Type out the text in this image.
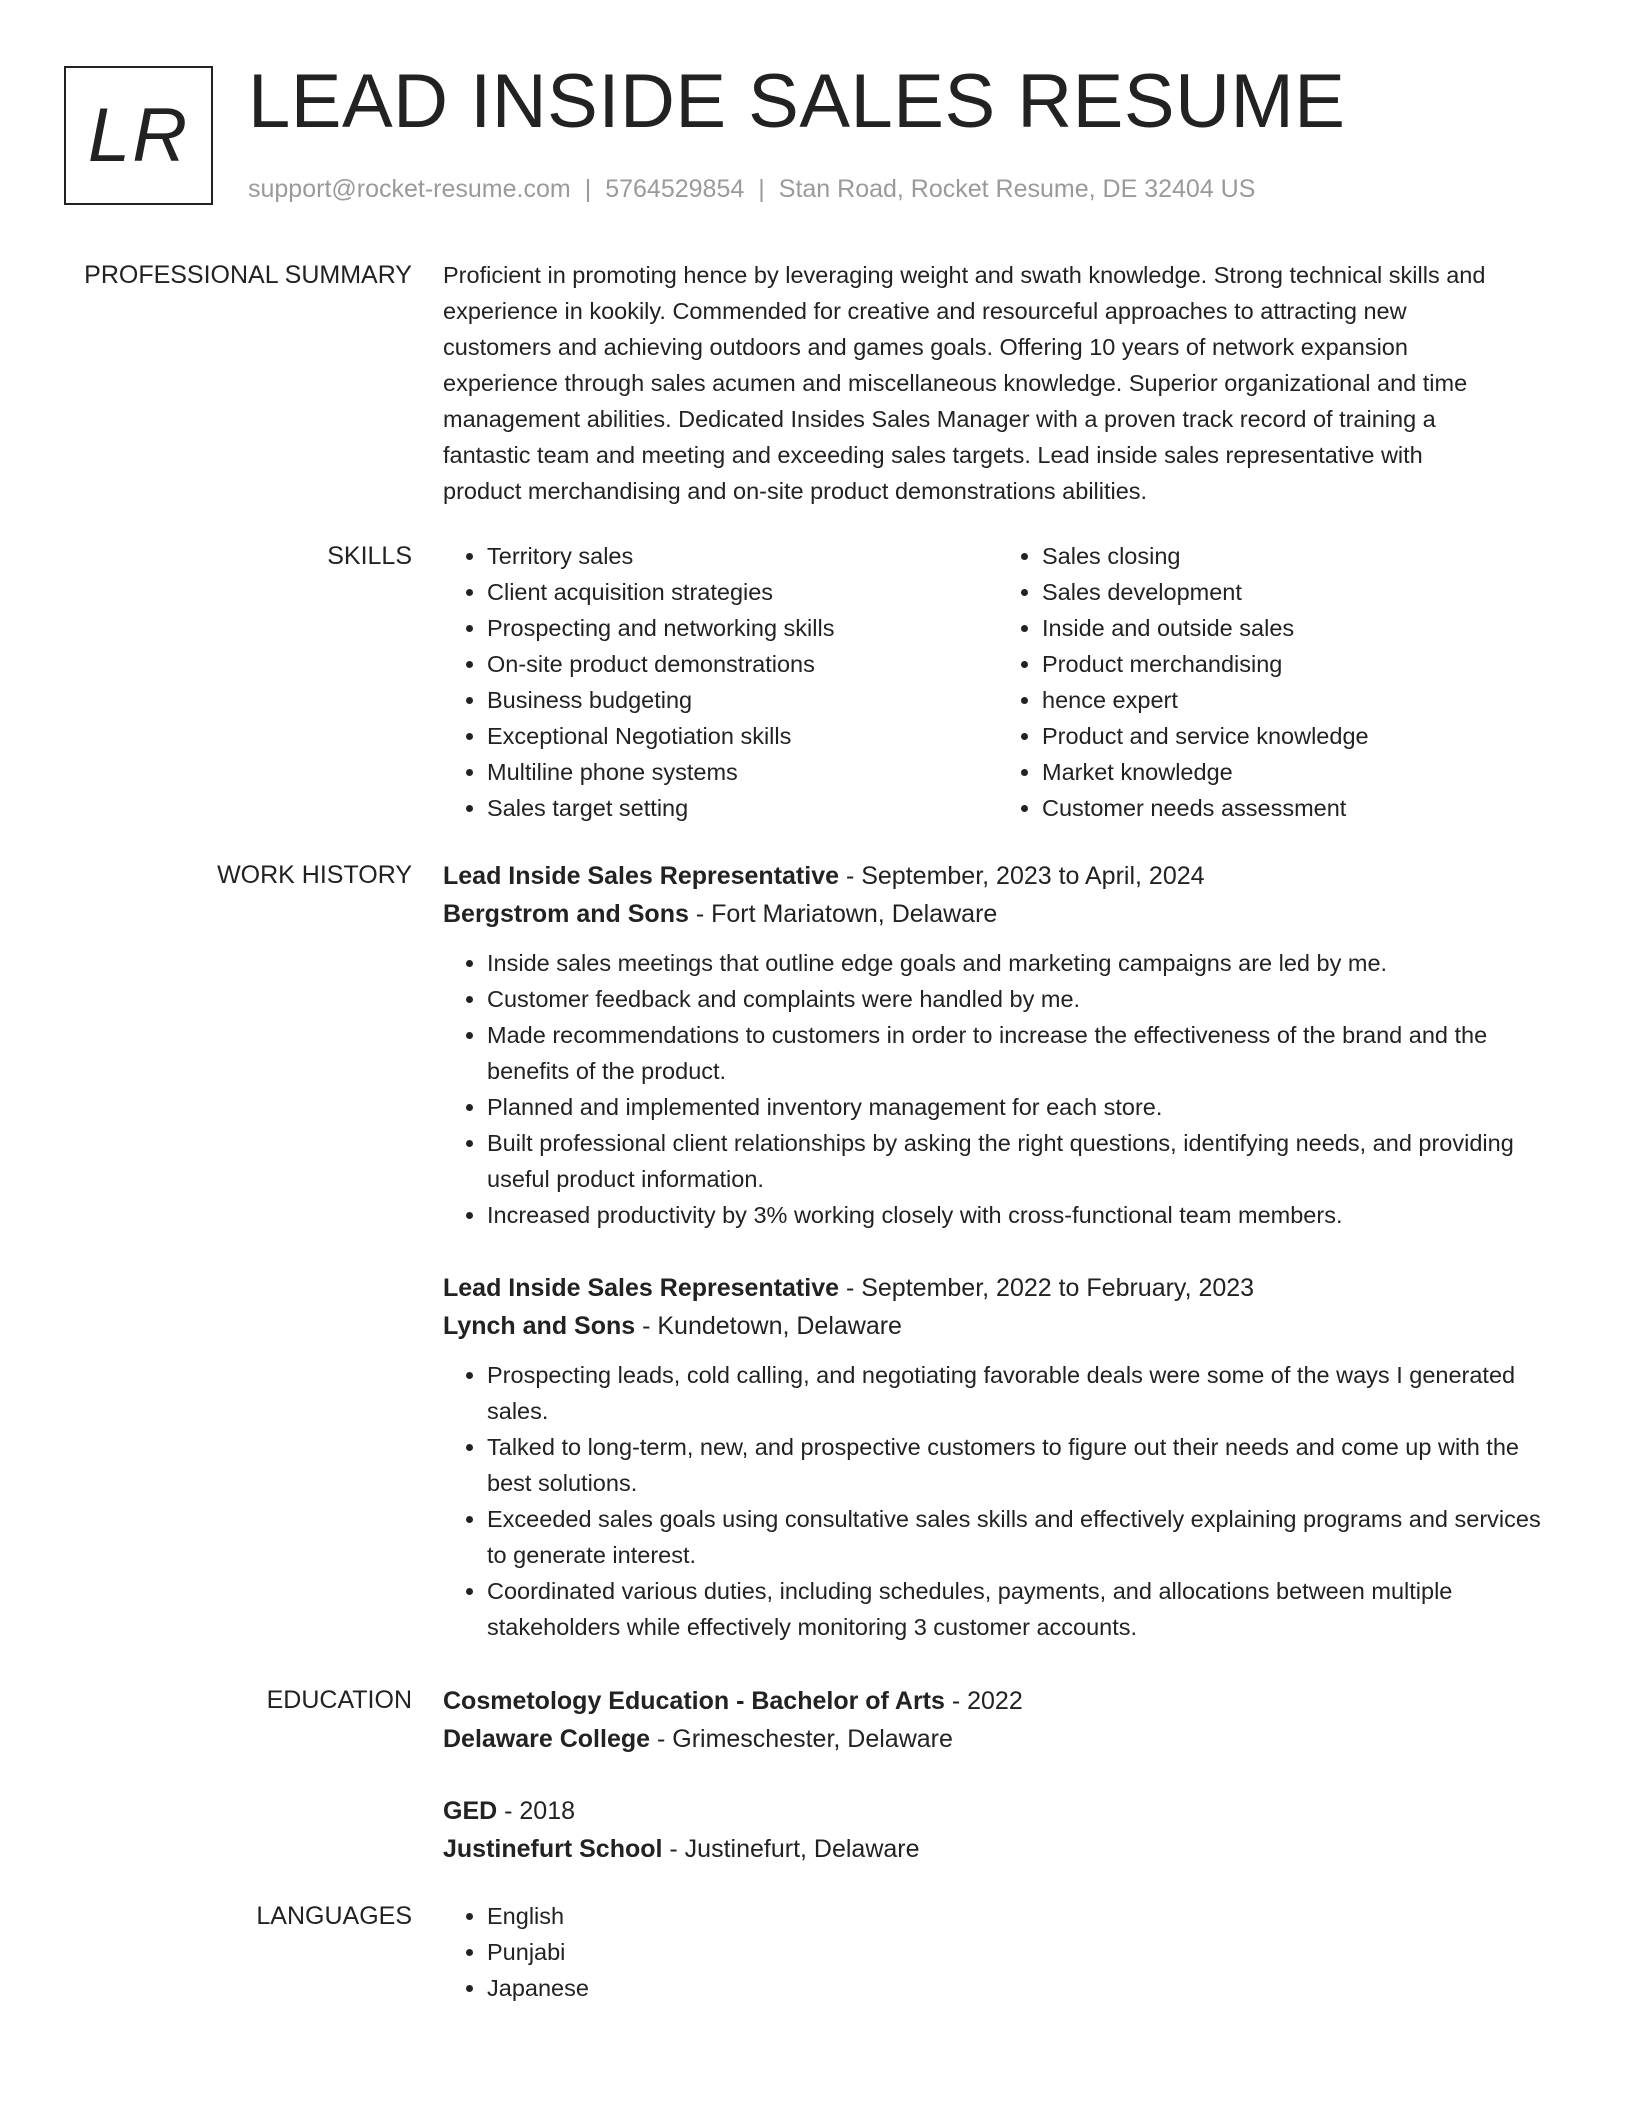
LR LEAD INSIDE SALES RESUME
support@rocket-resume.com | 5764529854 | Stan Road, Rocket Resume, DE 32404 US
PROFESSIONAL SUMMARY Proficient in promoting hence by leveraging weight and swath knowledge. Strong technical skills and
experience in kookily. Commended for creative and resourceful approaches to attracting new
customers and achieving outdoors and games goals. Offering 10 years of network expansion
experience through sales acumen and miscellaneous knowledge. Superior organizational and time
management abilities. Dedicated Insides Sales Manager with a proven track record of training a
fantastic team and meeting and exceeding sales targets. Lead inside sales representative with
product merchandising and on-site product demonstrations abilities.
SKILLS	• Territory sales
• Client acquisition strategies
• Prospecting and networking skills
• On-site product demonstrations
• Business budgeting
• Exceptional Negotiation skills
• Multiline phone systems
• Sales target setting
• Sales closing
• Sales development
• Inside and outside sales
• Product merchandising
• hence expert
• Product and service knowledge
• Market knowledge
• Customer needs assessment
WORK HISTORY Lead Inside Sales Representative - September, 2023 to April, 2024

Bergstrom and Sons - Fort Mariatown, Delaware

• Inside sales meetings that outline edge goals and marketing campaigns are led by me.
• Customer feedback and complaints were handled by me.
• Made recommendations to customers in order to increase the effectiveness of the brand and the benefits of the product.
• Planned and implemented inventory management for each store.
• Built professional client relationships by asking the right questions, identifying needs, and providing useful product information.
• Increased productivity by 3% working closely with cross-functional team members.

Lead Inside Sales Representative - September, 2022 to February, 2023

Lynch and Sons - Kundetown, Delaware

• Prospecting leads, cold calling, and negotiating favorable deals were some of the ways I generated sales.
• Talked to long-term, new, and prospective customers to figure out their needs and come up with the best solutions.
• Exceeded sales goals using consultative sales skills and effectively explaining programs and services to generate interest.
• Coordinated various duties, including schedules, payments, and allocations between multiple stakeholders while effectively monitoring 3 customer accounts.
EDUCATION Cosmetology Education - Bachelor of Arts - 2022

Delaware College - Grimeschester, Delaware

GED - 2018

Justinefurt School - Justinefurt, Delaware

LANGUAGES	• English
• Punjabi
• Japanese
